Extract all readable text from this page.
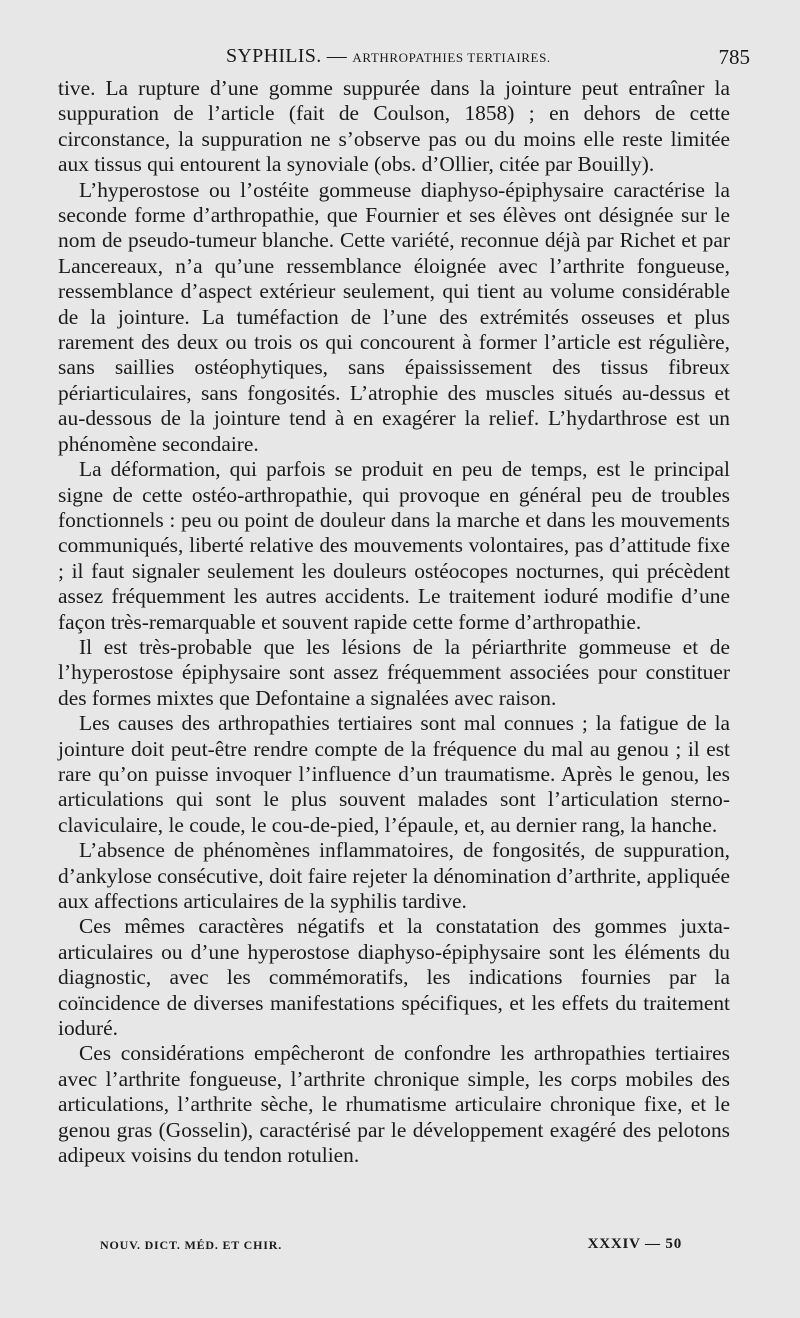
SYPHILIS. — ARTHROPATHIES TERTIAIRES.	785

tive. La rupture d’une gomme suppurée dans la jointure peut entraîner la suppuration de l’article (fait de Coulson, 1858) ; en dehors de cette circonstance, la suppuration ne s’observe pas ou du moins elle reste limitée aux tissus qui entourent la synoviale (obs. d’Ollier, citée par Bouilly).

L’hyperostose ou l’ostéite gommeuse diaphyso-épiphysaire caractérise la seconde forme d’arthropathie, que Fournier et ses élèves ont désignée sur le nom de pseudo-tumeur blanche. Cette variété, reconnue déjà par Richet et par Lancereaux, n’a qu’une ressemblance éloignée avec l’arthrite fongueuse, ressemblance d’aspect extérieur seulement, qui tient au volume considérable de la jointure. La tuméfaction de l’une des extrémités osseuses et plus rarement des deux ou trois os qui concourent à former l’article est régulière, sans saillies ostéophytiques, sans épaississement des tissus fibreux périarticulaires, sans fongosités. L’atrophie des muscles situés au-dessus et au-dessous de la jointure tend à en exagérer la relief. L’hydarthrose est un phénomène secondaire.

La déformation, qui parfois se produit en peu de temps, est le principal signe de cette ostéo-arthropathie, qui provoque en général peu de troubles fonctionnels : peu ou point de douleur dans la marche et dans les mouvements communiqués, liberté relative des mouvements volontaires, pas d’attitude fixe ; il faut signaler seulement les douleurs ostéocopes nocturnes, qui précèdent assez fréquemment les autres accidents. Le traitement ioduré modifie d’une façon très-remarquable et souvent rapide cette forme d’arthropathie.

Il est très-probable que les lésions de la périarthrite gommeuse et de l’hyperostose épiphysaire sont assez fréquemment associées pour constituer des formes mixtes que Defontaine a signalées avec raison.

Les causes des arthropathies tertiaires sont mal connues ; la fatigue de la jointure doit peut-être rendre compte de la fréquence du mal au genou ; il est rare qu’on puisse invoquer l’influence d’un traumatisme. Après le genou, les articulations qui sont le plus souvent malades sont l’articulation sterno-claviculaire, le coude, le cou-de-pied, l’épaule, et, au dernier rang, la hanche.

L’absence de phénomènes inflammatoires, de fongosités, de suppuration, d’ankylose consécutive, doit faire rejeter la dénomination d’arthrite, appliquée aux affections articulaires de la syphilis tardive.

Ces mêmes caractères négatifs et la constatation des gommes juxta-articulaires ou d’une hyperostose diaphyso-épiphysaire sont les éléments du diagnostic, avec les commémoratifs, les indications fournies par la coïncidence de diverses manifestations spécifiques, et les effets du traitement ioduré.

Ces considérations empêcheront de confondre les arthropathies tertiaires avec l’arthrite fongueuse, l’arthrite chronique simple, les corps mobiles des articulations, l’arthrite sèche, le rhumatisme articulaire chronique fixe, et le genou gras (Gosselin), caractérisé par le développement exagéré des pelotons adipeux voisins du tendon rotulien.

NOUV. DICT. MÉD. ET CHIR.	XXXIV — 50
